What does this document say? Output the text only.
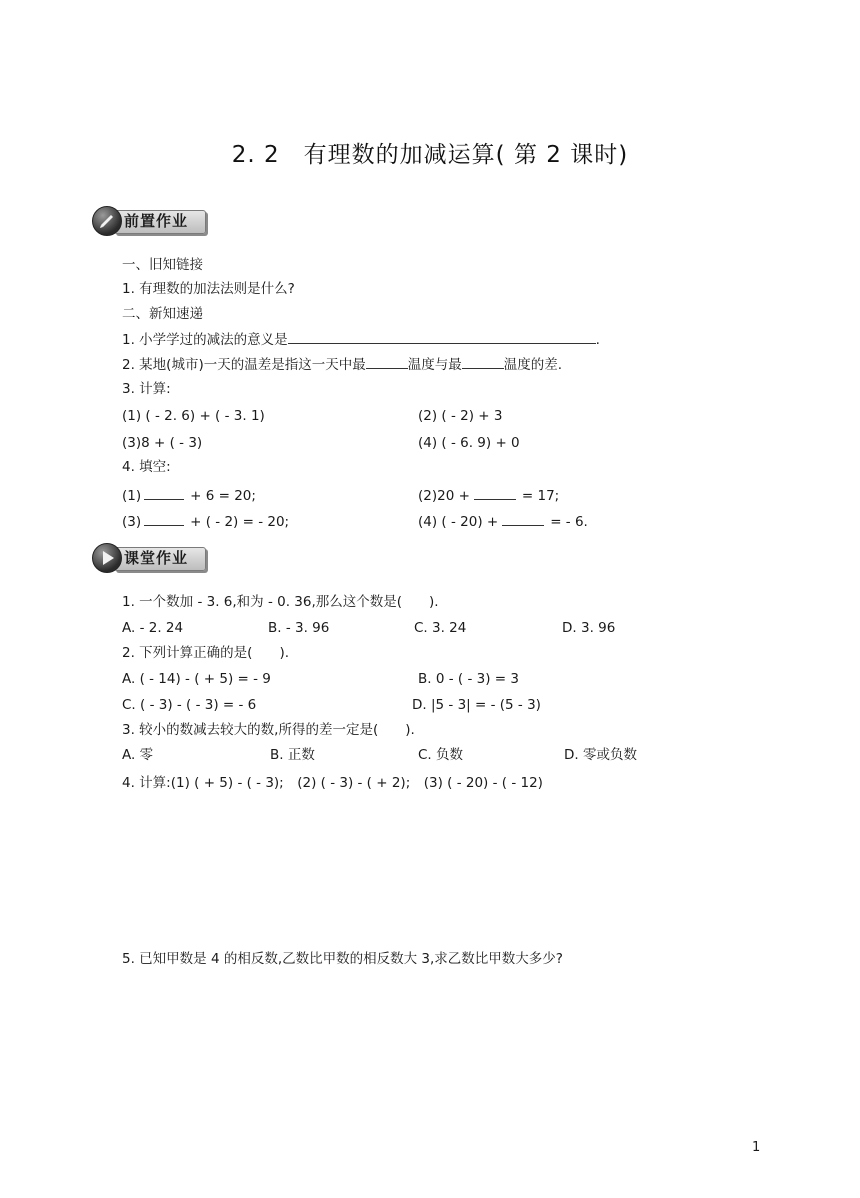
2. 2　有理数的加减运算( 第 2 课时)
前置作业
一、旧知链接
1. 有理数的加法法则是什么?
二、新知速递
1. 小学学过的减法的意义是	.
2. 某地(城市)一天的温差是指这一天中最	温度与最	温度的差.
3. 计算:
(1) ( - 2. 6) + ( - 3. 1)	(2) ( - 2) + 3
(3)8 + ( - 3)	(4) ( - 6. 9) + 0
4. 填空:
(1)	+ 6 = 20;	(2)20 +	= 17;
(3)	+ ( - 2) = - 20;	(4) ( - 20) +	= - 6.
课堂作业
1. 一个数加 - 3. 6,和为 - 0. 36,那么这个数是(　　).
A. - 2. 24	B. - 3. 96	C. 3. 24	D. 3. 96
2. 下列计算正确的是(　　).
A. ( - 14) - ( + 5) = - 9	B. 0 - ( - 3) = 3
C. ( - 3) - ( - 3) = - 6	D. |5 - 3| = - (5 - 3)
3. 较小的数减去较大的数,所得的差一定是(　　).
A. 零	B. 正数	C. 负数	D. 零或负数
4. 计算:(1) ( + 5) - ( - 3);　(2) ( - 3) - ( + 2);　(3) ( - 20) - ( - 12)
5. 已知甲数是 4 的相反数,乙数比甲数的相反数大 3,求乙数比甲数大多少?
1
